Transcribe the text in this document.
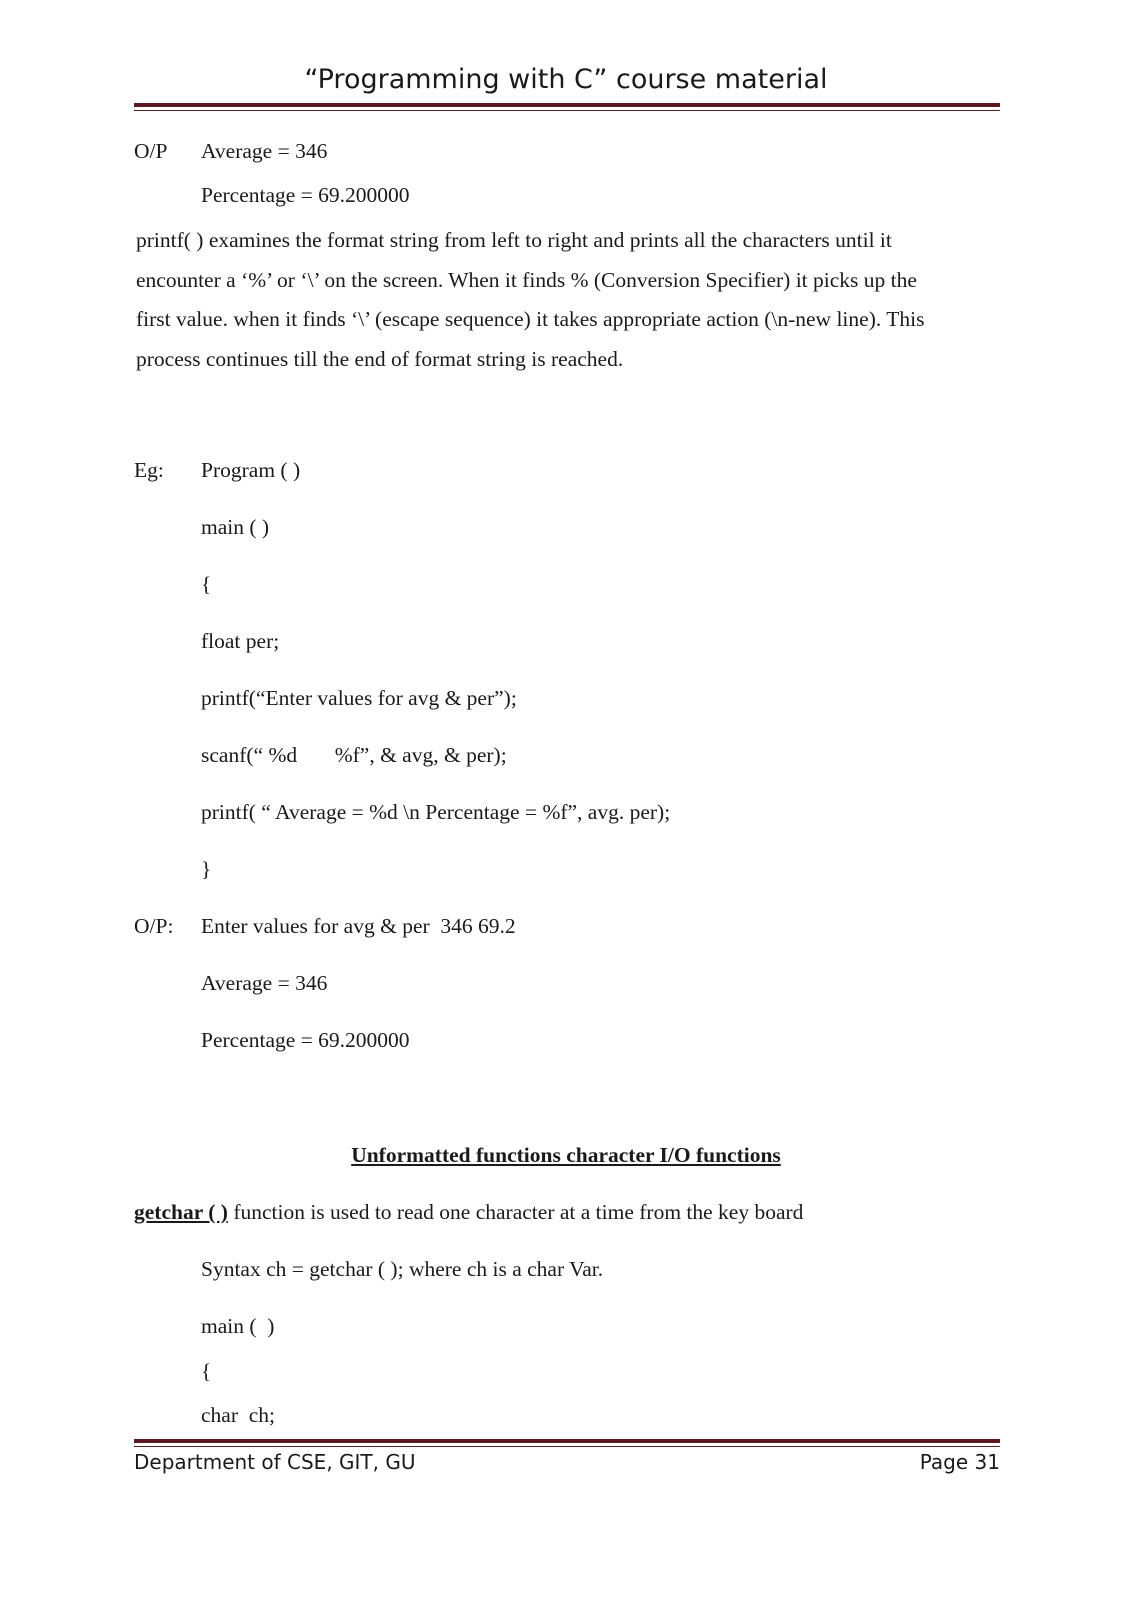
“Programming with C” course material
O/P Average = 346
Percentage = 69.200000
printf( ) examines the format string from left to right and prints all the characters until it
encounter a ‘%’ or ‘\’ on the screen. When it finds % (Conversion Specifier) it picks up the
first value. when it finds ‘\’ (escape sequence) it takes appropriate action (\n-new line). This
process continues till the end of format string is reached.
Eg: Program ( )
main ( )
{
float per;
printf(“Enter values for avg & per”);
scanf(“ %d       %f”, & avg, & per);
printf( “ Average = %d \n Percentage = %f”, avg. per);
}
O/P: Enter values for avg & per  346 69.2
Average = 346
Percentage = 69.200000
Unformatted functions character I/O functions
getchar ( ) function is used to read one character at a time from the key board
Syntax ch = getchar ( ); where ch is a char Var.
main (  )
{
char  ch;
Department of CSE, GIT, GU	Page 31
